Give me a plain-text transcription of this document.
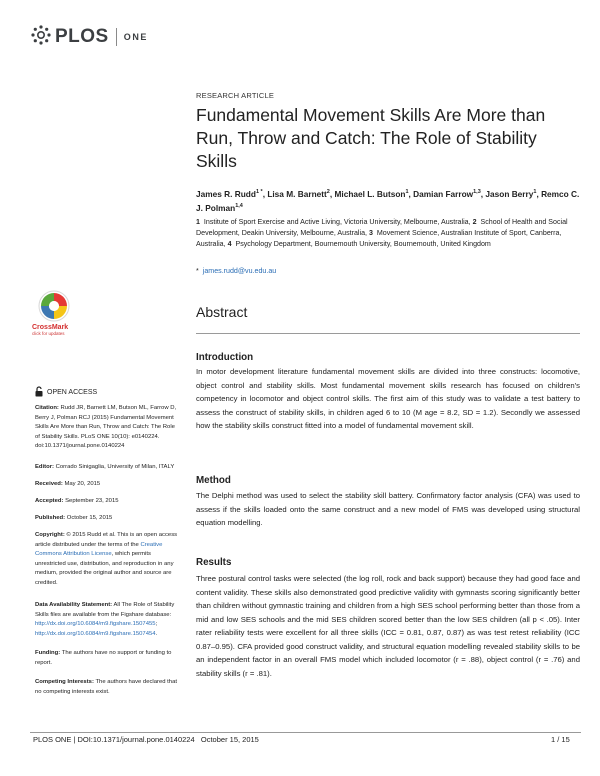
PLOS ONE
RESEARCH ARTICLE
Fundamental Movement Skills Are More than Run, Throw and Catch: The Role of Stability Skills
James R. Rudd$^{1 *}$, Lisa M. Barnett$^2$, Michael L. Butson$^1$, Damian Farrow$^{1,3}$, Jason Berry$^1$, Remco C. J. Polman$^{1,4}$
1 Institute of Sport Exercise and Active Living, Victoria University, Melbourne, Australia, 2 School of Health and Social Development, Deakin University, Melbourne, Australia, 3 Movement Science, Australian Institute of Sport, Canberra, Australia, 4 Psychology Department, Bournemouth University, Bournemouth, United Kingdom
* james.rudd@vu.edu.au
Abstract
Introduction
In motor development literature fundamental movement skills are divided into three constructs: locomotive, object control and stability skills. Most fundamental movement skills research has focused on children's competency in locomotor and object control skills. The first aim of this study was to validate a test battery to assess the construct of stability skills, in children aged 6 to 10 (M age = 8.2, SD = 1.2). Secondly we assessed how the stability skills construct fitted into a model of fundamental movement skill.
Method
The Delphi method was used to select the stability skill battery. Confirmatory factor analysis (CFA) was used to assess if the skills loaded onto the same construct and a new model of FMS was developed using structural equation modelling.
Results
Three postural control tasks were selected (the log roll, rock and back support) because they had good face and content validity. These skills also demonstrated good predictive validity with gymnasts scoring significantly better than children without gymnastic training and children from a high SES school performing better than those from a mid and low SES schools and the mid SES children scored better than the low SES children (all p < .05). Inter rater reliability tests were excellent for all three skills (ICC = 0.81, 0.87, 0.87) as was test retest reliability (ICC 0.87–0.95). CFA provided good construct validity, and structural equation modelling revealed stability skills to be an independent factor in an overall FMS model which included locomotor (r = .88), object control (r = .76) and stability skills (r = .81).
CrossMark
click for updates
OPEN ACCESS
Citation: Rudd JR, Barnett LM, Butson ML, Farrow D, Berry J, Polman RCJ (2015) Fundamental Movement Skills Are More than Run, Throw and Catch: The Role of Stability Skills. PLoS ONE 10(10): e0140224. doi:10.1371/journal.pone.0140224
Editor: Corrado Sinigaglia, University of Milan, ITALY
Received: May 20, 2015
Accepted: September 23, 2015
Published: October 15, 2015
Copyright: © 2015 Rudd et al. This is an open access article distributed under the terms of the Creative Commons Attribution License, which permits unrestricted use, distribution, and reproduction in any medium, provided the original author and source are credited.
Data Availability Statement: All The Role of Stability Skills files are available from the Figshare database: http://dx.doi.org/10.6084/m9.figshare.1507455; http://dx.doi.org/10.6084/m9.figshare.1507454.
Funding: The authors have no support or funding to report.
Competing Interests: The authors have declared that no competing interests exist.
PLOS ONE | DOI:10.1371/journal.pone.0140224   October 15, 2015	1 / 15
